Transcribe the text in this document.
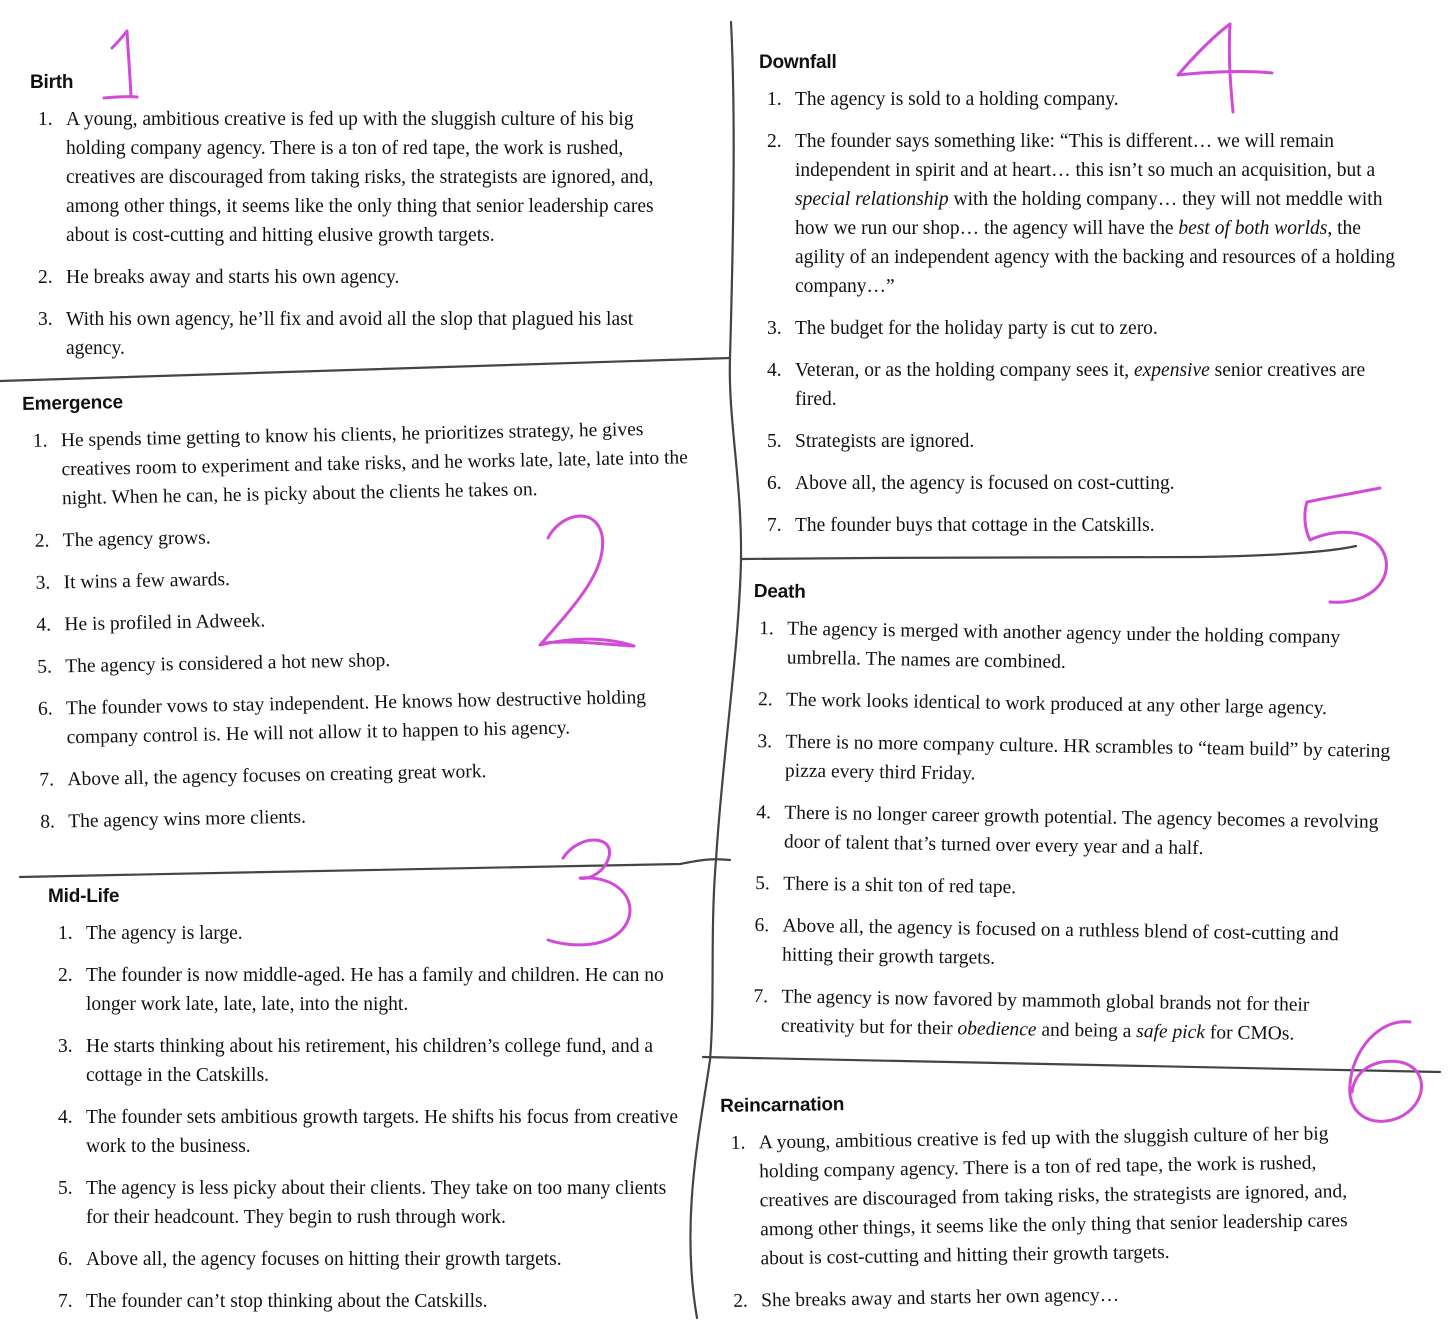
Birth
1. A young, ambitious creative is fed up with the sluggish culture of his big holding company agency. There is a ton of red tape, the work is rushed, creatives are discouraged from taking risks, the strategists are ignored, and, among other things, it seems like the only thing that senior leadership cares about is cost-cutting and hitting elusive growth targets.
2. He breaks away and starts his own agency.
3. With his own agency, he’ll fix and avoid all the slop that plagued his last agency.
Emergence
1. He spends time getting to know his clients, he prioritizes strategy, he gives creatives room to experiment and take risks, and he works late, late, late into the night. When he can, he is picky about the clients he takes on.
2. The agency grows.
3. It wins a few awards.
4. He is profiled in Adweek.
5. The agency is considered a hot new shop.
6. The founder vows to stay independent. He knows how destructive holding company control is. He will not allow it to happen to his agency.
7. Above all, the agency focuses on creating great work.
8. The agency wins more clients.
Mid-Life
1. The agency is large.
2. The founder is now middle-aged. He has a family and children. He can no longer work late, late, late, into the night.
3. He starts thinking about his retirement, his children’s college fund, and a cottage in the Catskills.
4. The founder sets ambitious growth targets. He shifts his focus from creative work to the business.
5. The agency is less picky about their clients. They take on too many clients for their headcount. They begin to rush through work.
6. Above all, the agency focuses on hitting their growth targets.
7. The founder can’t stop thinking about the Catskills.
Downfall
1. The agency is sold to a holding company.
2. The founder says something like: “This is different… we will remain independent in spirit and at heart… this isn’t so much an acquisition, but a special relationship with the holding company… they will not meddle with how we run our shop… the agency will have the best of both worlds, the agility of an independent agency with the backing and resources of a holding company…”
3. The budget for the holiday party is cut to zero.
4. Veteran, or as the holding company sees it, expensive senior creatives are fired.
5. Strategists are ignored.
6. Above all, the agency is focused on cost-cutting.
7. The founder buys that cottage in the Catskills.
Death
1. The agency is merged with another agency under the holding company umbrella. The names are combined.
2. The work looks identical to work produced at any other large agency.
3. There is no more company culture. HR scrambles to “team build” by catering pizza every third Friday.
4. There is no longer career growth potential. The agency becomes a revolving door of talent that’s turned over every year and a half.
5. There is a shit ton of red tape.
6. Above all, the agency is focused on a ruthless blend of cost-cutting and hitting their growth targets.
7. The agency is now favored by mammoth global brands not for their creativity but for their obedience and being a safe pick for CMOs.
Reincarnation
1. A young, ambitious creative is fed up with the sluggish culture of her big holding company agency. There is a ton of red tape, the work is rushed, creatives are discouraged from taking risks, the strategists are ignored, and, among other things, it seems like the only thing that senior leadership cares about is cost-cutting and hitting their growth targets.
2. She breaks away and starts her own agency…
